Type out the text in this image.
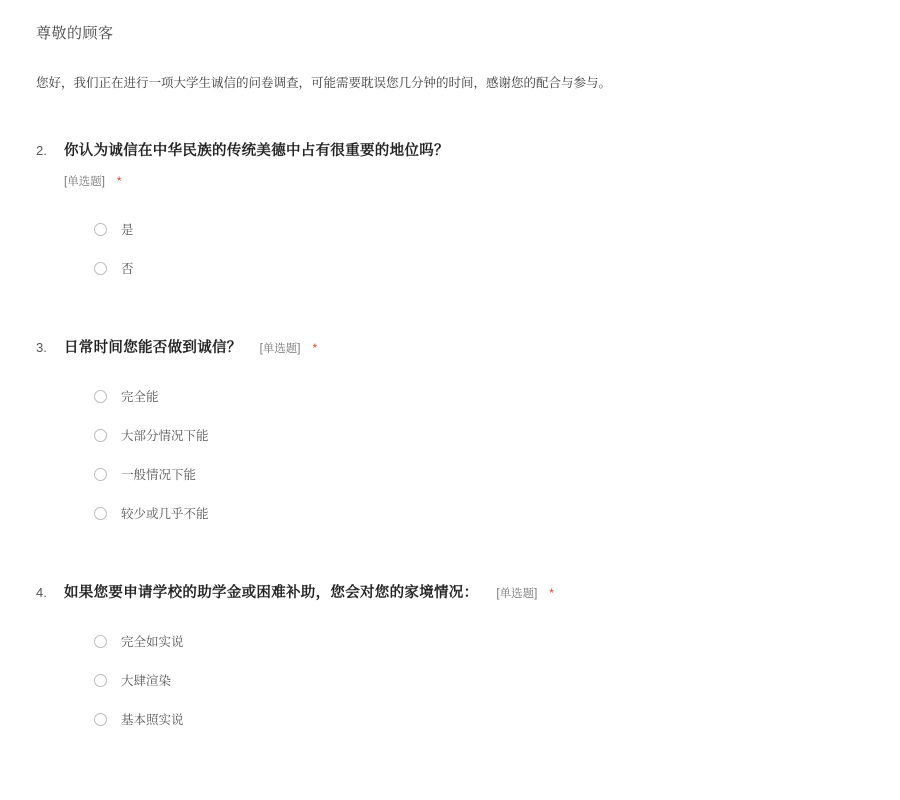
尊敬的顾客
您好，我们正在进行一项大学生诚信的问卷调查，可能需要耽误您几分钟的时间，感谢您的配合与参与。
2.	你认为诚信在中华民族的传统美德中占有很重要的地位吗？
[单选题] *
是
否
3.	日常时间您能否做到诚信？ [单选题] *
完全能
大部分情况下能
一般情况下能
较少或几乎不能
4.	如果您要申请学校的助学金或困难补助，您会对您的家境情况： [单选题] *
完全如实说
大肆渲染
基本照实说
